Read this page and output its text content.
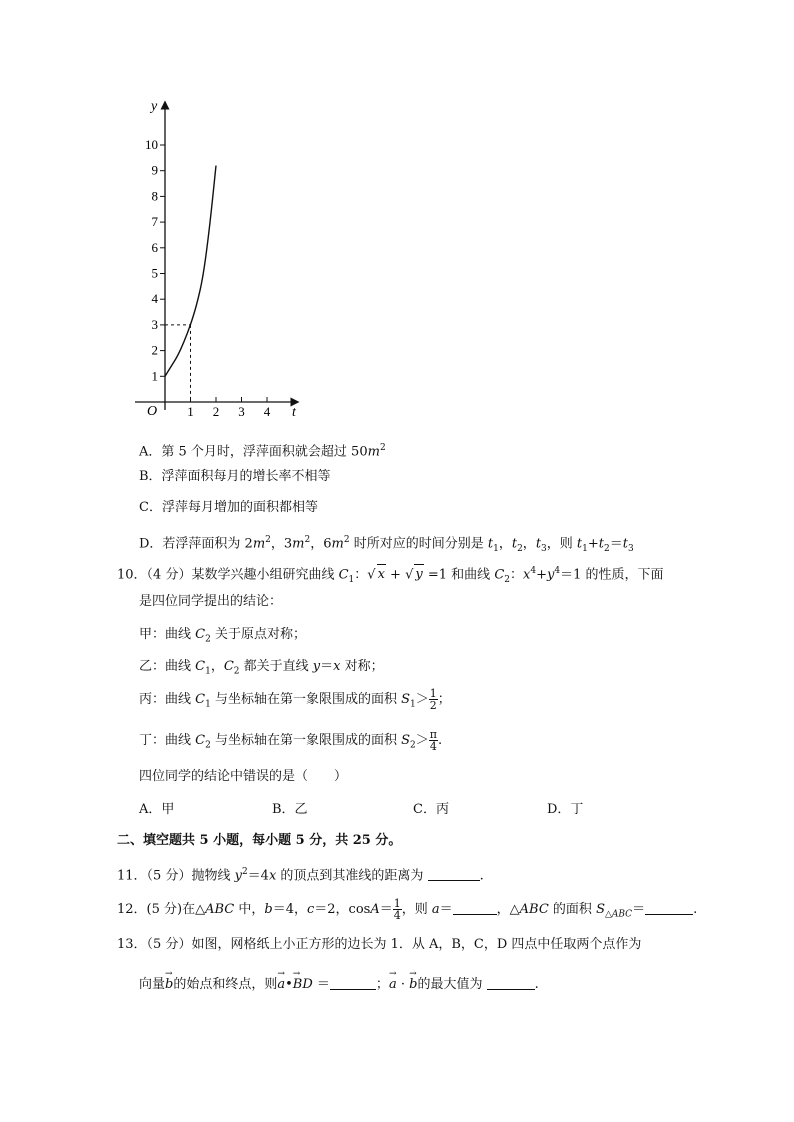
y
t
O
1
2
3
4
5
6
7
8
9
10
1 2 3 4
A．第 5 个月时，浮萍面积就会超过 $50m^2$
B．浮萍面积每月的增长率不相等
C．浮萍每月增加的面积都相等
D．若浮萍面积为 $2m^2$，$3m^2$，$6m^2$ 时所对应的时间分别是 $t_1$，$t_2$，$t_3$，则 $t_1+t_2=t_3$
10．（4 分）某数学兴趣小组研究曲线 $C_1$：√ x + √ y =1 和曲线 $C_2$：$x^4+y^4=1$ 的性质，下面
是四位同学提出的结论：
甲：曲线 $C_2$ 关于原点对称；
乙：曲线 $C_1$，$C_2$ 都关于直线 y＝x 对称；
丙：曲线 $C_1$ 与坐标轴在第一象限围成的面积 $S_1> \frac{1}{2}$ ；
丁：曲线 $C_2$ 与坐标轴在第一象限围成的面积 $S_2> \frac{\pi}{4}$ .
四位同学的结论中错误的是（　　）
A．甲	B．乙	C．丙	D．丁
二、填空题共 5 小题，每小题 5 分，共 25 分。
11．（5 分）抛物线 $y^2=4x$ 的顶点到其准线的距离为	.
12．(5 分)在△ABC 中，b＝4，c＝2，$\cos A= \frac{1}{4}$ ，则 a＝	，△ABC 的面积 $S_{\triangle ABC}=$	.
13．（5 分）如图，网格纸上小正方形的边长为 1．从 A，B，C，D 四点中任取两个点作为
向量→ b的始点和终点，则→ a•→ BD ＝	；→ a · → b的最大值为	.
